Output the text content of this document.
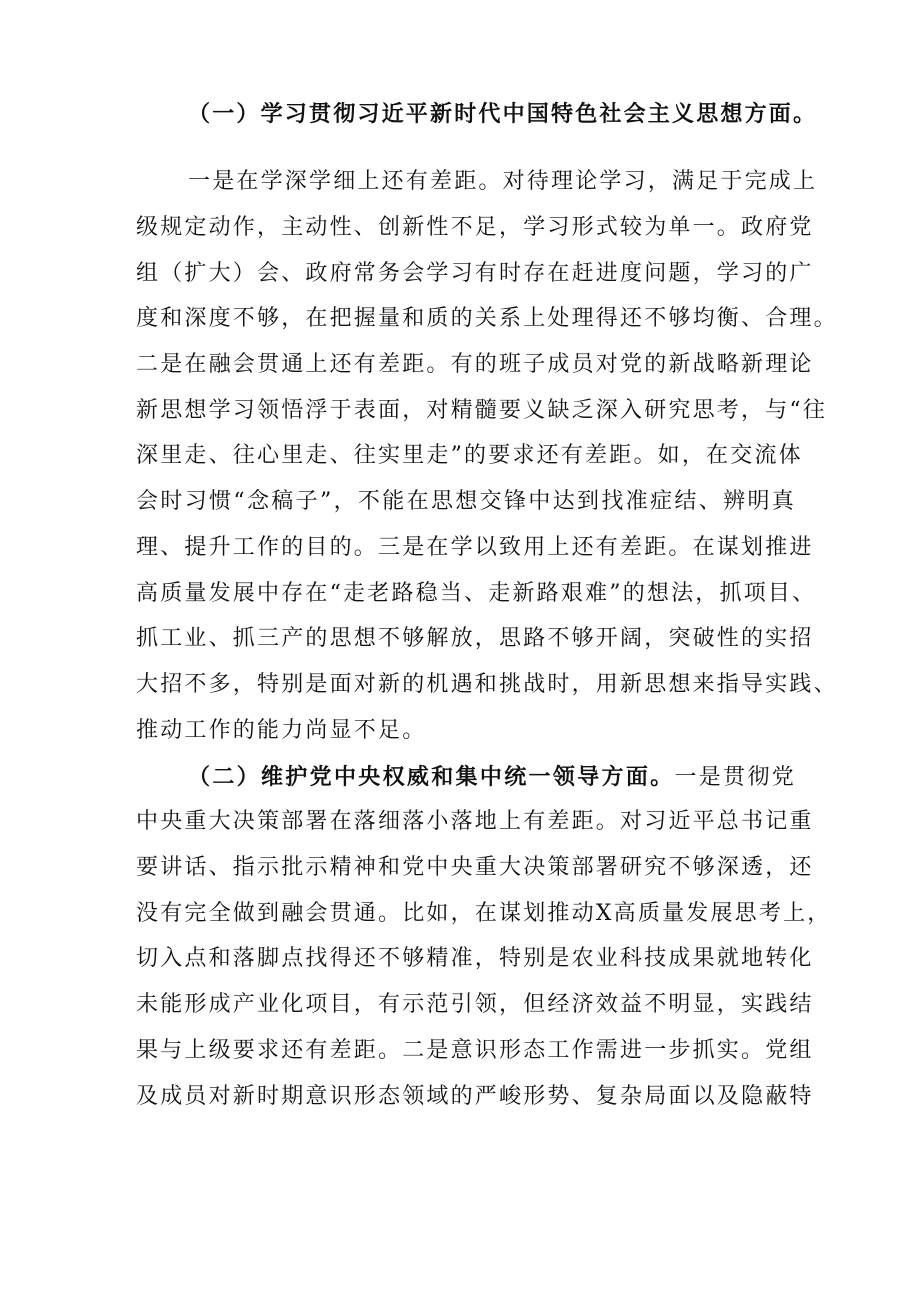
（一）学习贯彻习近平新时代中国特色社会主义思想方面。
一是在学深学细上还有差距。对待理论学习，满足于完成上
级规定动作，主动性、创新性不足，学习形式较为单一。政府党
组（扩大）会、政府常务会学习有时存在赶进度问题，学习的广
度和深度不够，在把握量和质的关系上处理得还不够均衡、合理。
二是在融会贯通上还有差距。有的班子成员对党的新战略新理论
新思想学习领悟浮于表面，对精髓要义缺乏深入研究思考，与“往
深里走、往心里走、往实里走”的要求还有差距。如，在交流体
会时习惯“念稿子”，不能在思想交锋中达到找准症结、辨明真
理、提升工作的目的。三是在学以致用上还有差距。在谋划推进
高质量发展中存在“走老路稳当、走新路艰难”的想法，抓项目、
抓工业、抓三产的思想不够解放，思路不够开阔，突破性的实招
大招不多，特别是面对新的机遇和挑战时，用新思想来指导实践、
推动工作的能力尚显不足。
（二）维护党中央权威和集中统一领导方面。一是贯彻党
中央重大决策部署在落细落小落地上有差距。对习近平总书记重
要讲话、指示批示精神和党中央重大决策部署研究不够深透，还
没有完全做到融会贯通。比如，在谋划推动X高质量发展思考上，
切入点和落脚点找得还不够精准，特别是农业科技成果就地转化
未能形成产业化项目，有示范引领，但经济效益不明显，实践结
果与上级要求还有差距。二是意识形态工作需进一步抓实。党组
及成员对新时期意识形态领域的严峻形势、复杂局面以及隐蔽特
